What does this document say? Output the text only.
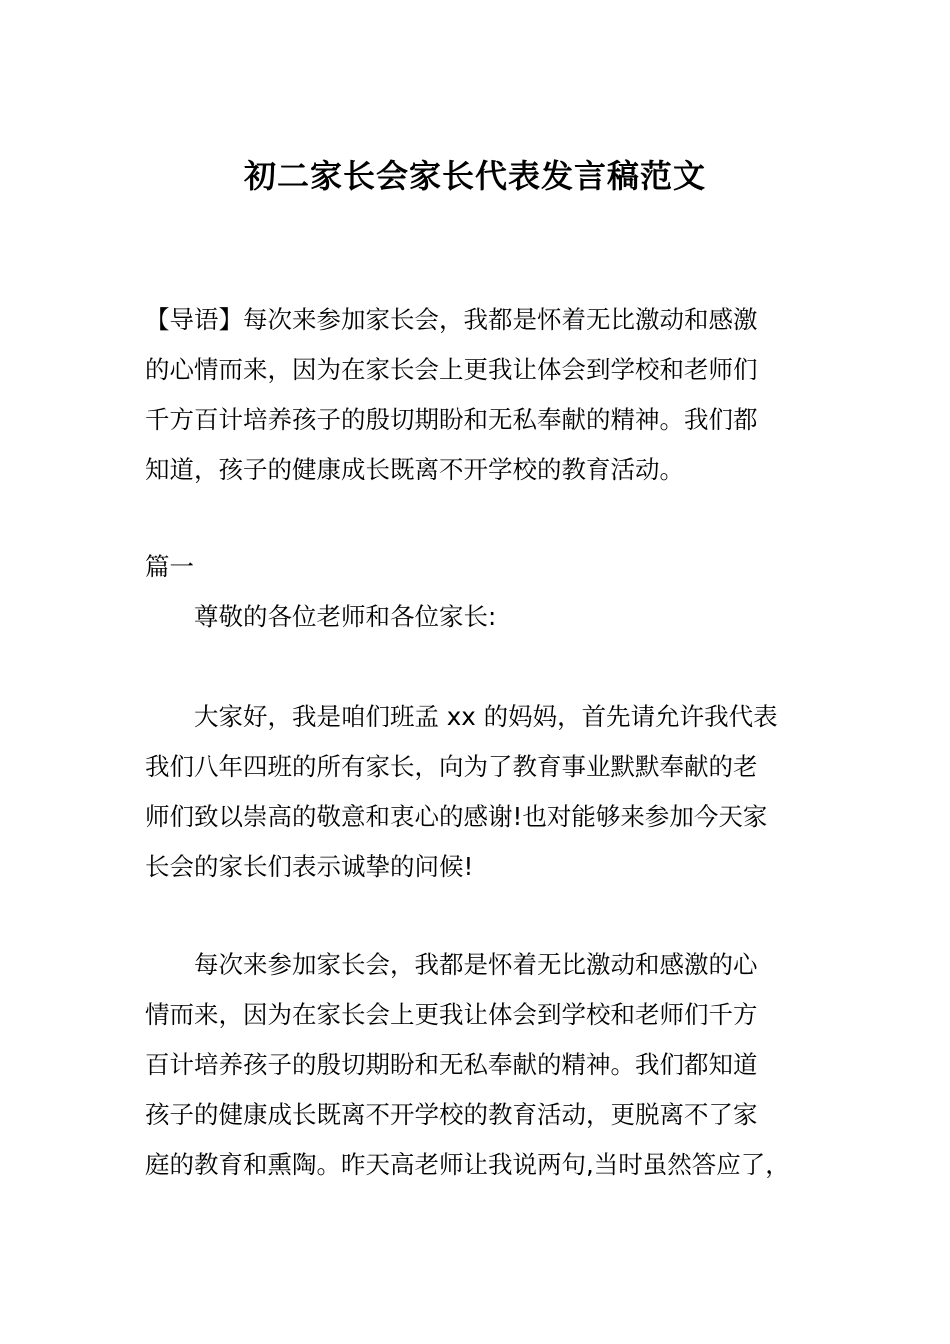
初二家长会家长代表发言稿范文
【导语】每次来参加家长会，我都是怀着无比激动和感激
的心情而来，因为在家长会上更我让体会到学校和老师们
千方百计培养孩子的殷切期盼和无私奉献的精神。我们都
知道，孩子的健康成长既离不开学校的教育活动。
篇一
尊敬的各位老师和各位家长:
大家好，我是咱们班孟 xx 的妈妈，首先请允许我代表
我们八年四班的所有家长，向为了教育事业默默奉献的老
师们致以崇高的敬意和衷心的感谢!也对能够来参加今天家
长会的家长们表示诚挚的问候!
每次来参加家长会，我都是怀着无比激动和感激的心
情而来，因为在家长会上更我让体会到学校和老师们千方
百计培养孩子的殷切期盼和无私奉献的精神。我们都知道
孩子的健康成长既离不开学校的教育活动，更脱离不了家
庭的教育和熏陶。昨天高老师让我说两句,当时虽然答应了，
